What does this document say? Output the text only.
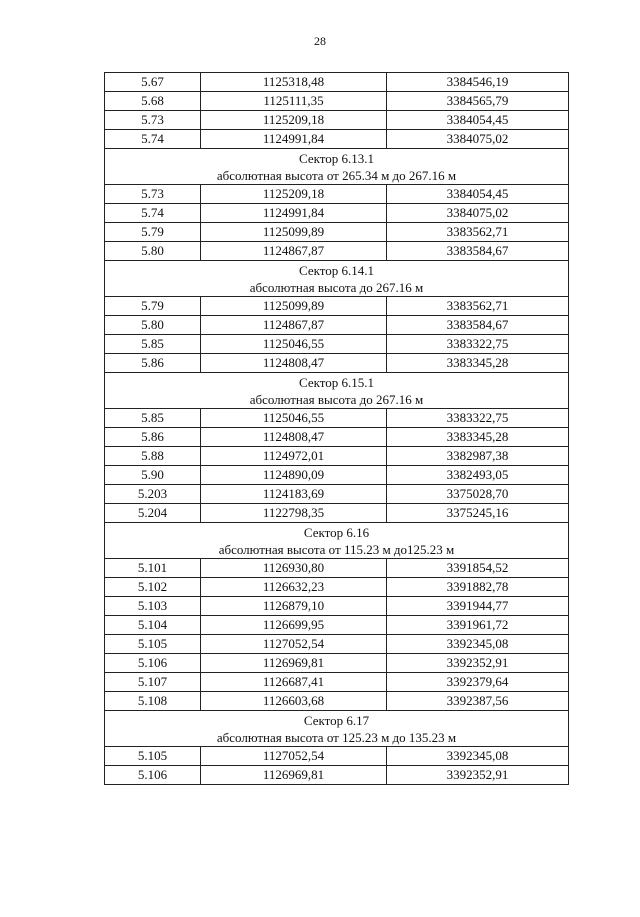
28
5.67	1125318,48	3384546,19
5.68	1125111,35	3384565,79
5.73	1125209,18	3384054,45
5.74	1124991,84	3384075,02

Сектор 6.13.1
абсолютная высота от 265.34 м до 267.16 м		

5.73	1125209,18	3384054,45
5.74	1124991,84	3384075,02
5.79	1125099,89	3383562,71
5.80	1124867,87	3383584,67

Сектор 6.14.1
абсолютная высота до 267.16 м		

5.79	1125099,89	3383562,71
5.80	1124867,87	3383584,67
5.85	1125046,55	3383322,75
5.86	1124808,47	3383345,28

Сектор 6.15.1
абсолютная высота до 267.16 м		

5.85	1125046,55	3383322,75
5.86	1124808,47	3383345,28
5.88	1124972,01	3382987,38
5.90	1124890,09	3382493,05
5.203	1124183,69	3375028,70
5.204	1122798,35	3375245,16

Сектор 6.16
абсолютная высота от 115.23 м до125.23 м		

5.101	1126930,80	3391854,52
5.102	1126632,23	3391882,78
5.103	1126879,10	3391944,77
5.104	1126699,95	3391961,72
5.105	1127052,54	3392345,08
5.106	1126969,81	3392352,91
5.107	1126687,41	3392379,64
5.108	1126603,68	3392387,56

Сектор 6.17
абсолютная высота от 125.23 м до 135.23 м		

5.105	1127052,54	3392345,08
5.106	1126969,81	3392352,91
